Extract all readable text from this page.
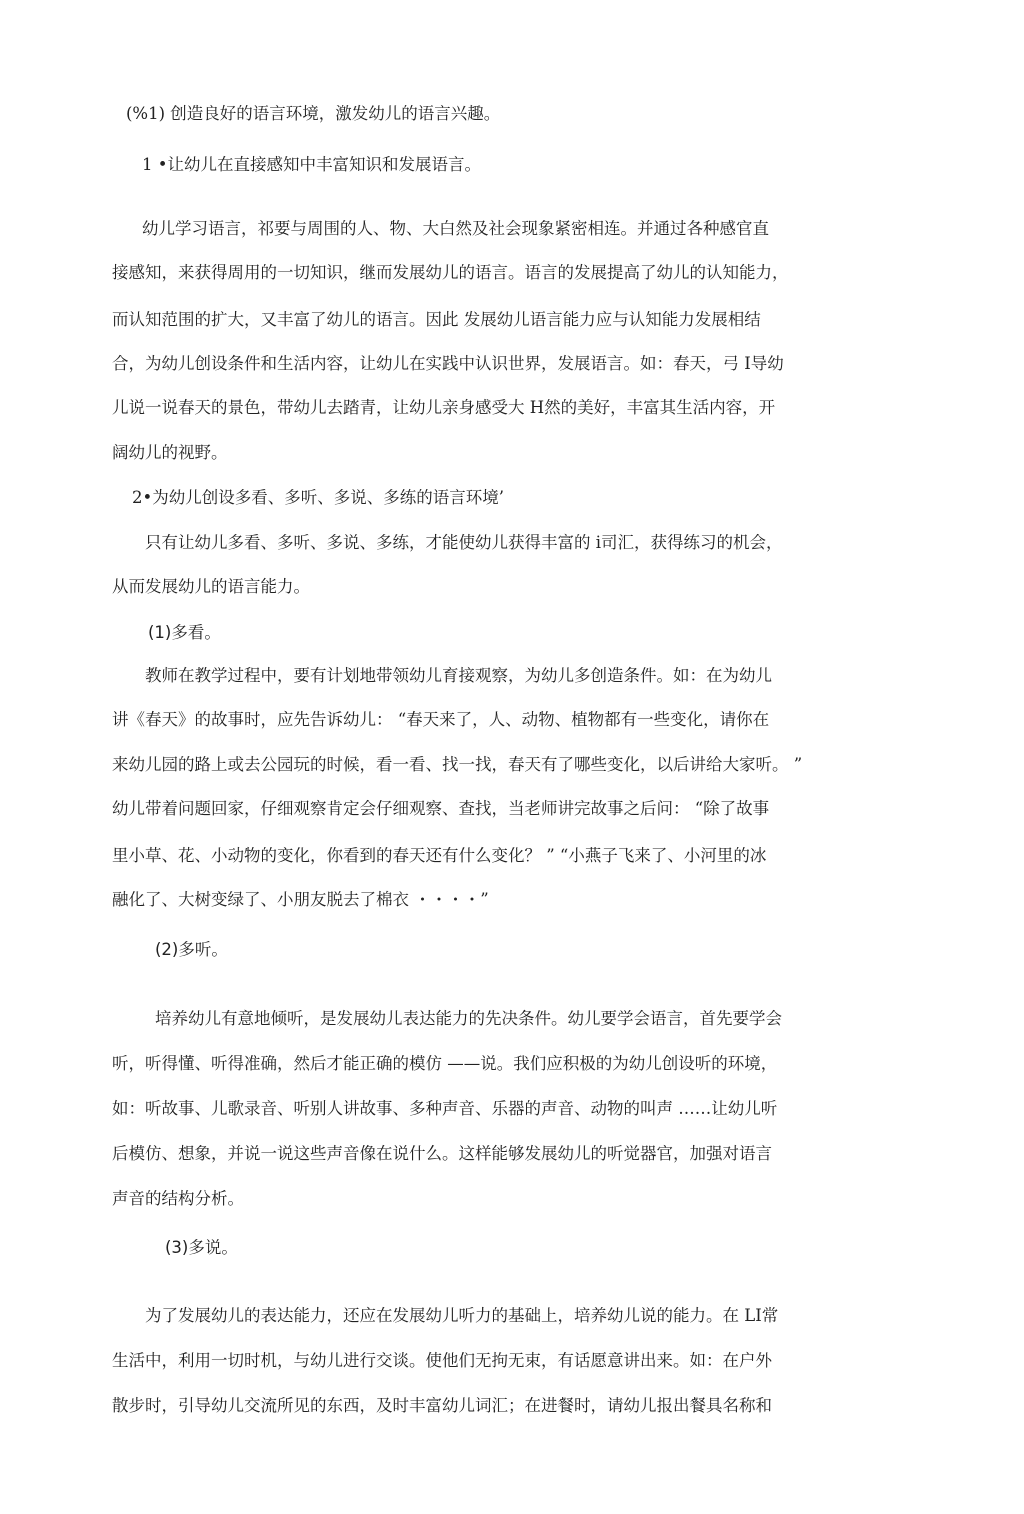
(%1) 创造良好的语言环境，激发幼儿的语言兴趣。

1 •让幼儿在直接感知中丰富知识和发展语言。

幼儿学习语言，祁要与周围的人、物、大白然及社会现象紧密相连。并通过各种感官直

接感知，来获得周用的一切知识，继而发展幼儿的语言。语言的发展提高了幼儿的认知能力，

而认知范围的扩大，又丰富了幼儿的语言。因此 发展幼儿语言能力应与认知能力发展相结

合，为幼儿创设条件和生活内容，让幼儿在实践中认识世界，发展语言。如：春天，弓 I导幼

儿说一说春天的景色，带幼儿去踏青，让幼儿亲身感受大 H然的美好，丰富其生活内容，开

阔幼儿的视野。

2•为幼儿创设多看、多听、多说、多练的语言环境’

只有让幼儿多看、多听、多说、多练，才能使幼儿获得丰富的 i司汇，获得练习的机会，

从而发展幼儿的语言能力。

(1)多看。

教师在教学过程中，要有计划地带领幼儿育接观察，为幼儿多创造条件。如：在为幼儿

讲《春天》的故事时，应先告诉幼儿： “春天来了，人、动物、植物都有一些变化，请你在

来幼儿园的路上或去公园玩的时候，看一看、找一找，春天有了哪些变化，以后讲给大家听。 ”

幼儿带着问题回家，仔细观察肯定会仔细观察、查找，当老师讲完故事之后问： “除了故事

里小草、花、小动物的变化，你看到的春天还有什么变化？ ” “小燕子飞来了、小河里的冰

融化了、大树变绿了、小朋友脱去了棉衣 ・・・・”

(2)多听。

培养幼儿有意地倾听，是发展幼儿表达能力的先决条件。幼儿要学会语言，首先要学会

听，听得懂、听得准确，然后才能正确的模仿 ——说。我们应积极的为幼儿创设听的环境，

如：听故事、儿歌录音、听别人讲故事、多种声音、乐器的声音、动物的叫声 ……让幼儿听

后模仿、想象，并说一说这些声音像在说什么。这样能够发展幼儿的听觉器官，加强对语言

声音的结构分析。

(3)多说。

为了发展幼儿的表达能力，还应在发展幼儿听力的基础上，培养幼儿说的能力。在 LI常

生活中，利用一切时机，与幼儿进行交谈。使他们无拘无束，有话愿意讲出来。如：在户外

散步时，引导幼儿交流所见的东西，及时丰富幼儿词汇；在进餐时，请幼儿报出餐具名称和
